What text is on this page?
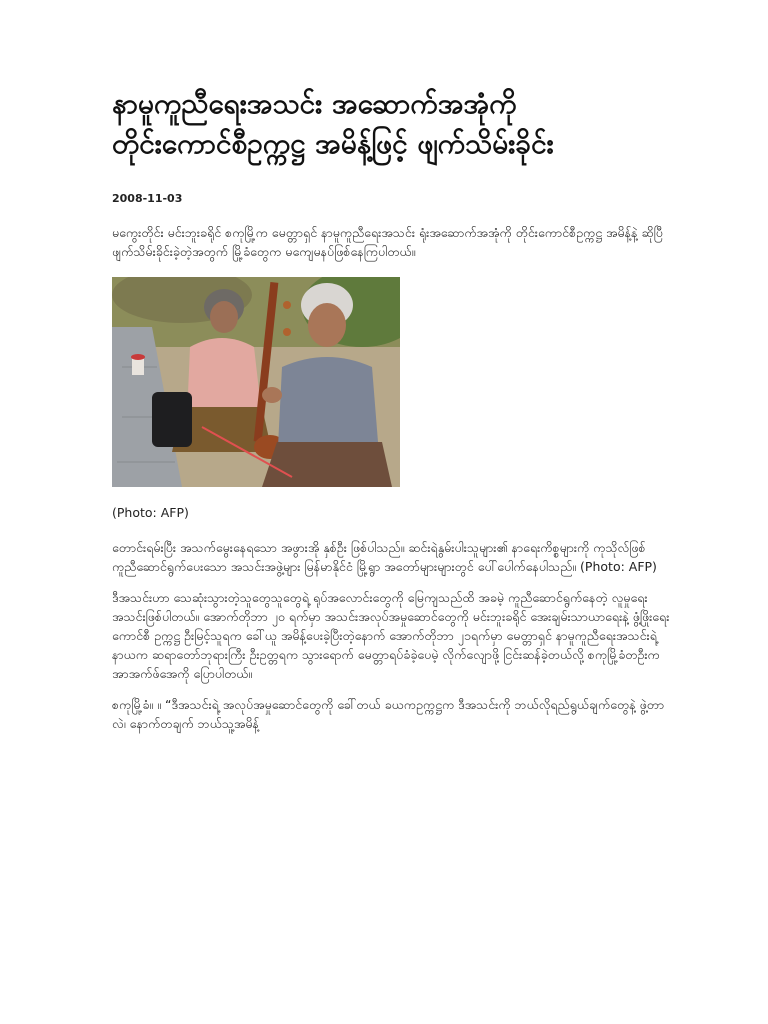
နာမူကူညီရေးအသင်း အဆောက်အအုံကို
တိုင်းကောင်စီဥက္ကဋ္ဌ အမိန့်ဖြင့် ဖျက်သိမ်းခိုင်း

2008-11-03

မကွေးတိုင်း မင်းဘူးခရိုင် စကုမြို့က မေတ္တာရှင် နာမူကူညီရေးအသင်း ရုံးအဆောက်အအုံကို တိုင်းကောင်စီဥက္ကဋ္ဌ အမိန့်နဲ့ ဆိုပြီ ဖျက်သိမ်းခိုင်းခဲ့တဲ့အတွက် မြို့ခံတွေက မကျေမနပ်ဖြစ်နေကြပါတယ်။

(Photo: AFP)

တောင်းရမ်းပြီး အသက်မွေးနေရသော အဖွားအို နှစ်ဦး ဖြစ်ပါသည်။ ဆင်းရဲနွမ်းပါးသူများ၏ နာရေးကိစ္စများကို ကုသိုလ်ဖြစ် ကူညီဆောင်ရွက်ပေးသော အသင်းအဖွဲ့များ မြန်မာနိုင်ငံ မြို့ရွာ အတော်များများတွင် ပေါ်ပေါက်နေပါသည်။ (Photo: AFP)

ဒီအသင်းဟာ သေဆုံးသွားတဲ့သူတွေသူတွေရဲ့ ရုပ်အလောင်းတွေကို မြေကျသည်ထိ အခမဲ့ ကူညီဆောင်ရွက်နေတဲ့ လူမှုရေးအသင်းဖြစ်ပါတယ်။ အောက်တိုဘာ ၂၀ ရက်မှာ အသင်းအလုပ်အမှုဆောင်တွေကို မင်းဘူးခရိုင် အေးချမ်းသာယာရေးနဲ့ ဖွံ့ဖြိုးရေးကောင်စီ ဥက္ကဋ္ဌ ဦးမြင့်သူရက ခေါ်ယူ အမိန့်ပေးခဲ့ပြီးတဲ့နောက် အောက်တိုဘာ ၂၁ရက်မှာ မေတ္တာရှင် နာမူကူညီရေးအသင်းရဲ့ နာယက ဆရာတော်ဘုရားကြီး ဦးဥတ္တရက သွားရောက် မေတ္တာရပ်ခံခဲ့ပေမဲ့ လိုက်လျောဖို့ ငြင်းဆန်ခဲ့တယ်လို့ စကုမြို့ခံတဦးက အာအက်ဖ်အေကို ပြောပါတယ်။

စကုမြို့ခံ။ ။ “ဒီအသင်းရဲ့ အလုပ်အမှုဆောင်တွေကို ခေါ်တယ် ခယကဥက္ကဋ္ဌက ဒီအသင်းကို ဘယ်လိုရည်ရွယ်ချက်တွေနဲ့ ဖွဲ့တာလဲ၊ နောက်တချက် ဘယ်သူ့အမိန့်
